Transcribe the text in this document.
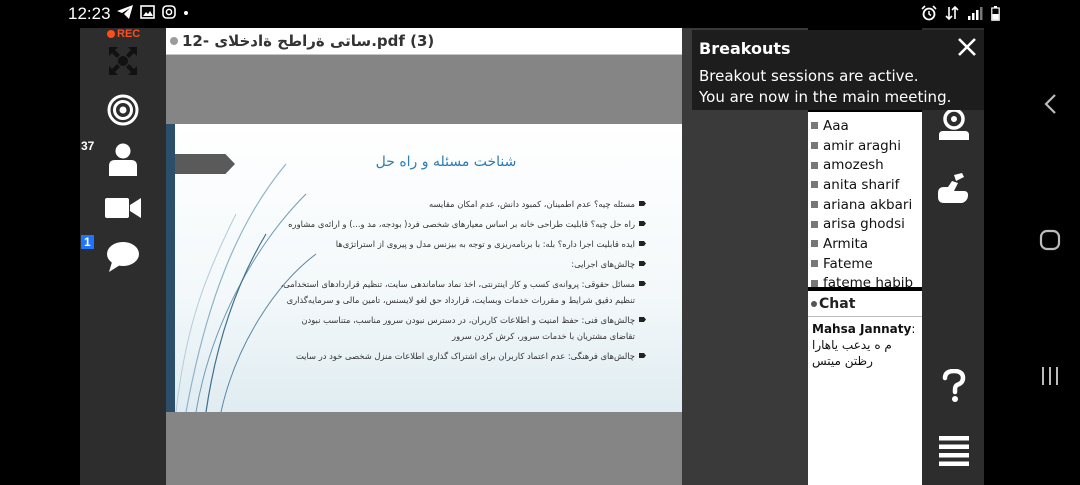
12:23
REC
37
1
12- ساتی ةراطح ةادخلای.pdf (3)
شناخت مسئله و راه حل
مسئله چیه؟ عدم اطمینان، کمبود دانش، عدم امکان مقایسه
راه حل چیه؟ قابلیت طراحی خانه بر اساس معیارهای شخصی فرد( بودجه، مد و...) و ارائه‌ی مشاوره
ایده قابلیت اجرا داره؟ بله: با برنامه‌ریزی و توجه به بیزنس مدل و پیروی از استراتژی‌ها
چالش‌های اجرایی:
مسائل حقوقی: پروانه‌ی کسب و کار اینترنتی، اخذ نماد ساماندهی سایت، تنظیم قراردادهای استخدامی، تنظیم دقیق شرایط و مقررات خدمات وبسایت، قرارداد حق لغو لایسنس، تامین مالی و سرمایه‌گذاری
چالش‌های فنی: حفظ امنیت و اطلاعات کاربران، در دسترس نبودن سرور مناسب، متناسب نبودن تقاضای مشتریان با خدمات سرور، کرش کردن سرور
چالش‌های فرهنگی: عدم اعتماد کاربران برای اشتراک گذاری اطلاعات منزل شخصی خود در سایت
Aaa
amir araghi
amozesh
anita sharif
ariana akbari
arisa ghodsi
Armita
Fateme
fateme habib
Chat
Mahsa Jannaty: م ه یدعب یاهارا رظتن میتس
Breakouts
Breakout sessions are active.
You are now in the main meeting.
